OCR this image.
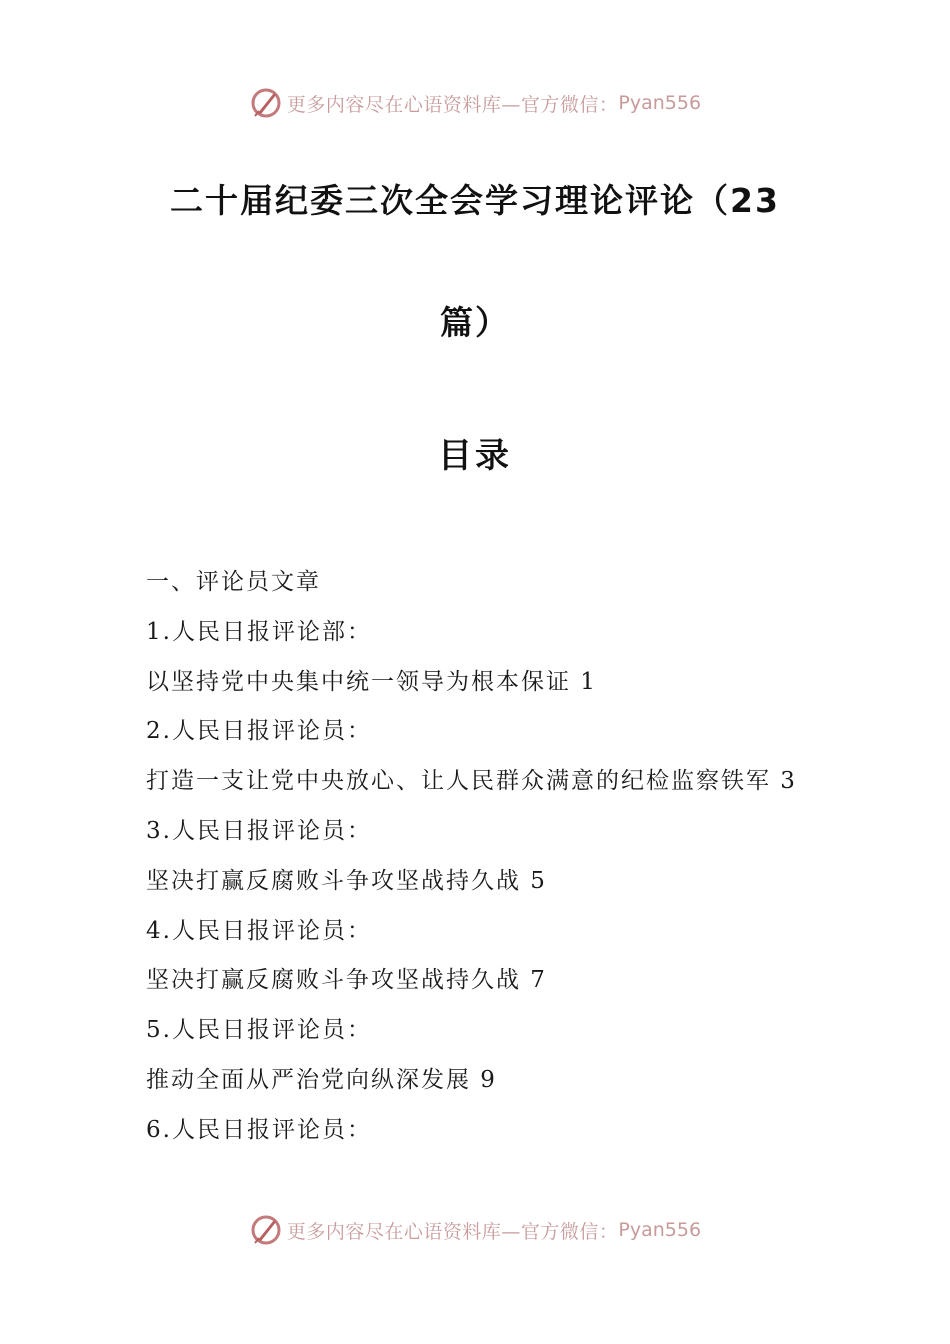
更多内容尽在心语资料库—官方微信： Pyan556
二十届纪委三次全会学习理论评论（23
篇）
目录
一、评论员文章
1.人民日报评论部：
以坚持党中央集中统一领导为根本保证 1
2.人民日报评论员：
打造一支让党中央放心、让人民群众满意的纪检监察铁军 3
3.人民日报评论员：
坚决打赢反腐败斗争攻坚战持久战 5
4.人民日报评论员：
坚决打赢反腐败斗争攻坚战持久战 7
5.人民日报评论员：
推动全面从严治党向纵深发展 9
6.人民日报评论员：
更多内容尽在心语资料库—官方微信： Pyan556
